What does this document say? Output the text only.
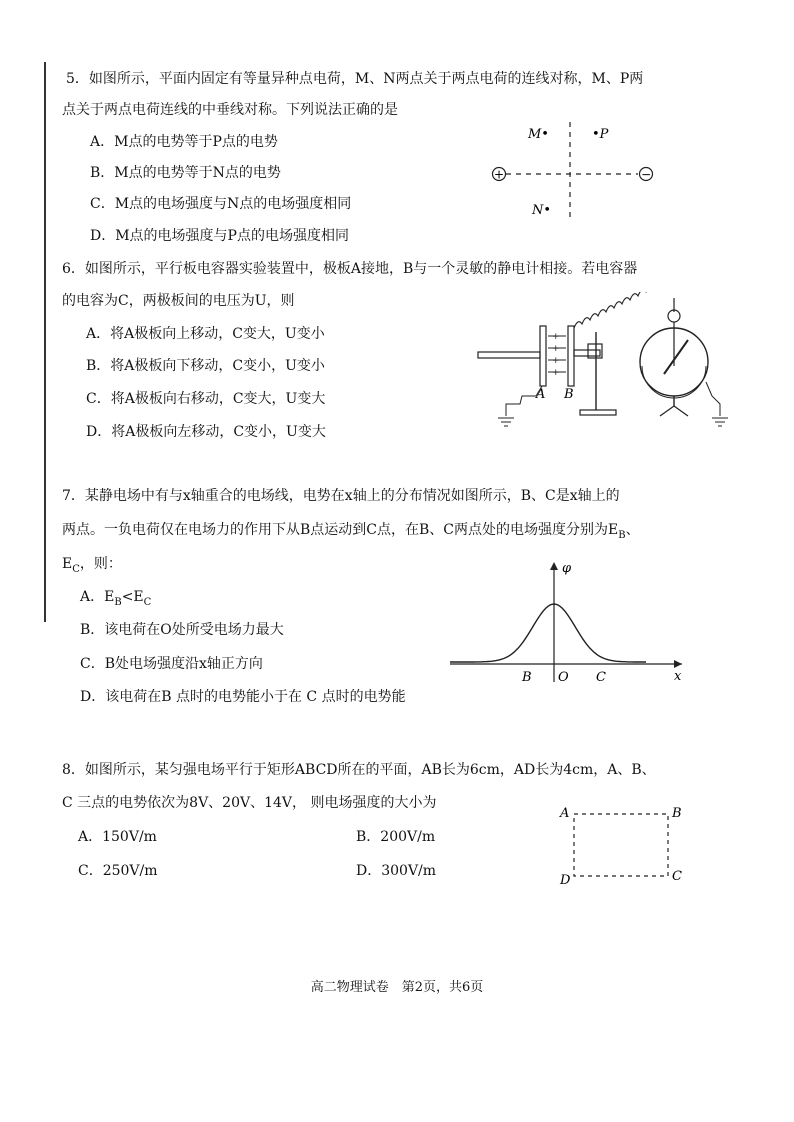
5．如图所示，平面内固定有等量异种点电荷，M、N两点关于两点电荷的连线对称，M、P两
点关于两点电荷连线的中垂线对称。下列说法正确的是
A．M点的电势等于P点的电势
B．M点的电势等于N点的电势
C．M点的电场强度与N点的电场强度相同
D．M点的电场强度与P点的电场强度相同
+	−
M•	•P
N•
6．如图所示，平行板电容器实验装置中，极板A接地，B与一个灵敏的静电计相接。若电容器
的电容为C，两极板间的电压为U，则
A．将A极板向上移动，C变大，U变小
B．将A极板向下移动，C变小，U变小
C．将A极板向右移动，C变大，U变大
D．将A极板向左移动，C变小，U变大
+
+
+
+
A B
7．某静电场中有与x轴重合的电场线，电势在x轴上的分布情况如图所示，B、C是x轴上的
两点。一负电荷仅在电场力的作用下从B点运动到C点，在B、C两点处的电场强度分别为$E_B$、
$E_C$，则：
A．$E_B<E_C$
B．该电荷在O处所受电场力最大
C．B处电场强度沿x轴正方向
D．该电荷在B 点时的电势能小于在 C 点时的电势能
φ
B O C	x
8．如图所示，某匀强电场平行于矩形ABCD所在的平面，AB长为6cm，AD长为4cm，A、B、
C 三点的电势依次为8V、20V、14V， 则电场强度的大小为
A．150V/m	B．200V/m
C．250V/m	D．300V/m
A	B
C
D
高二物理试卷　第2页，共6页
